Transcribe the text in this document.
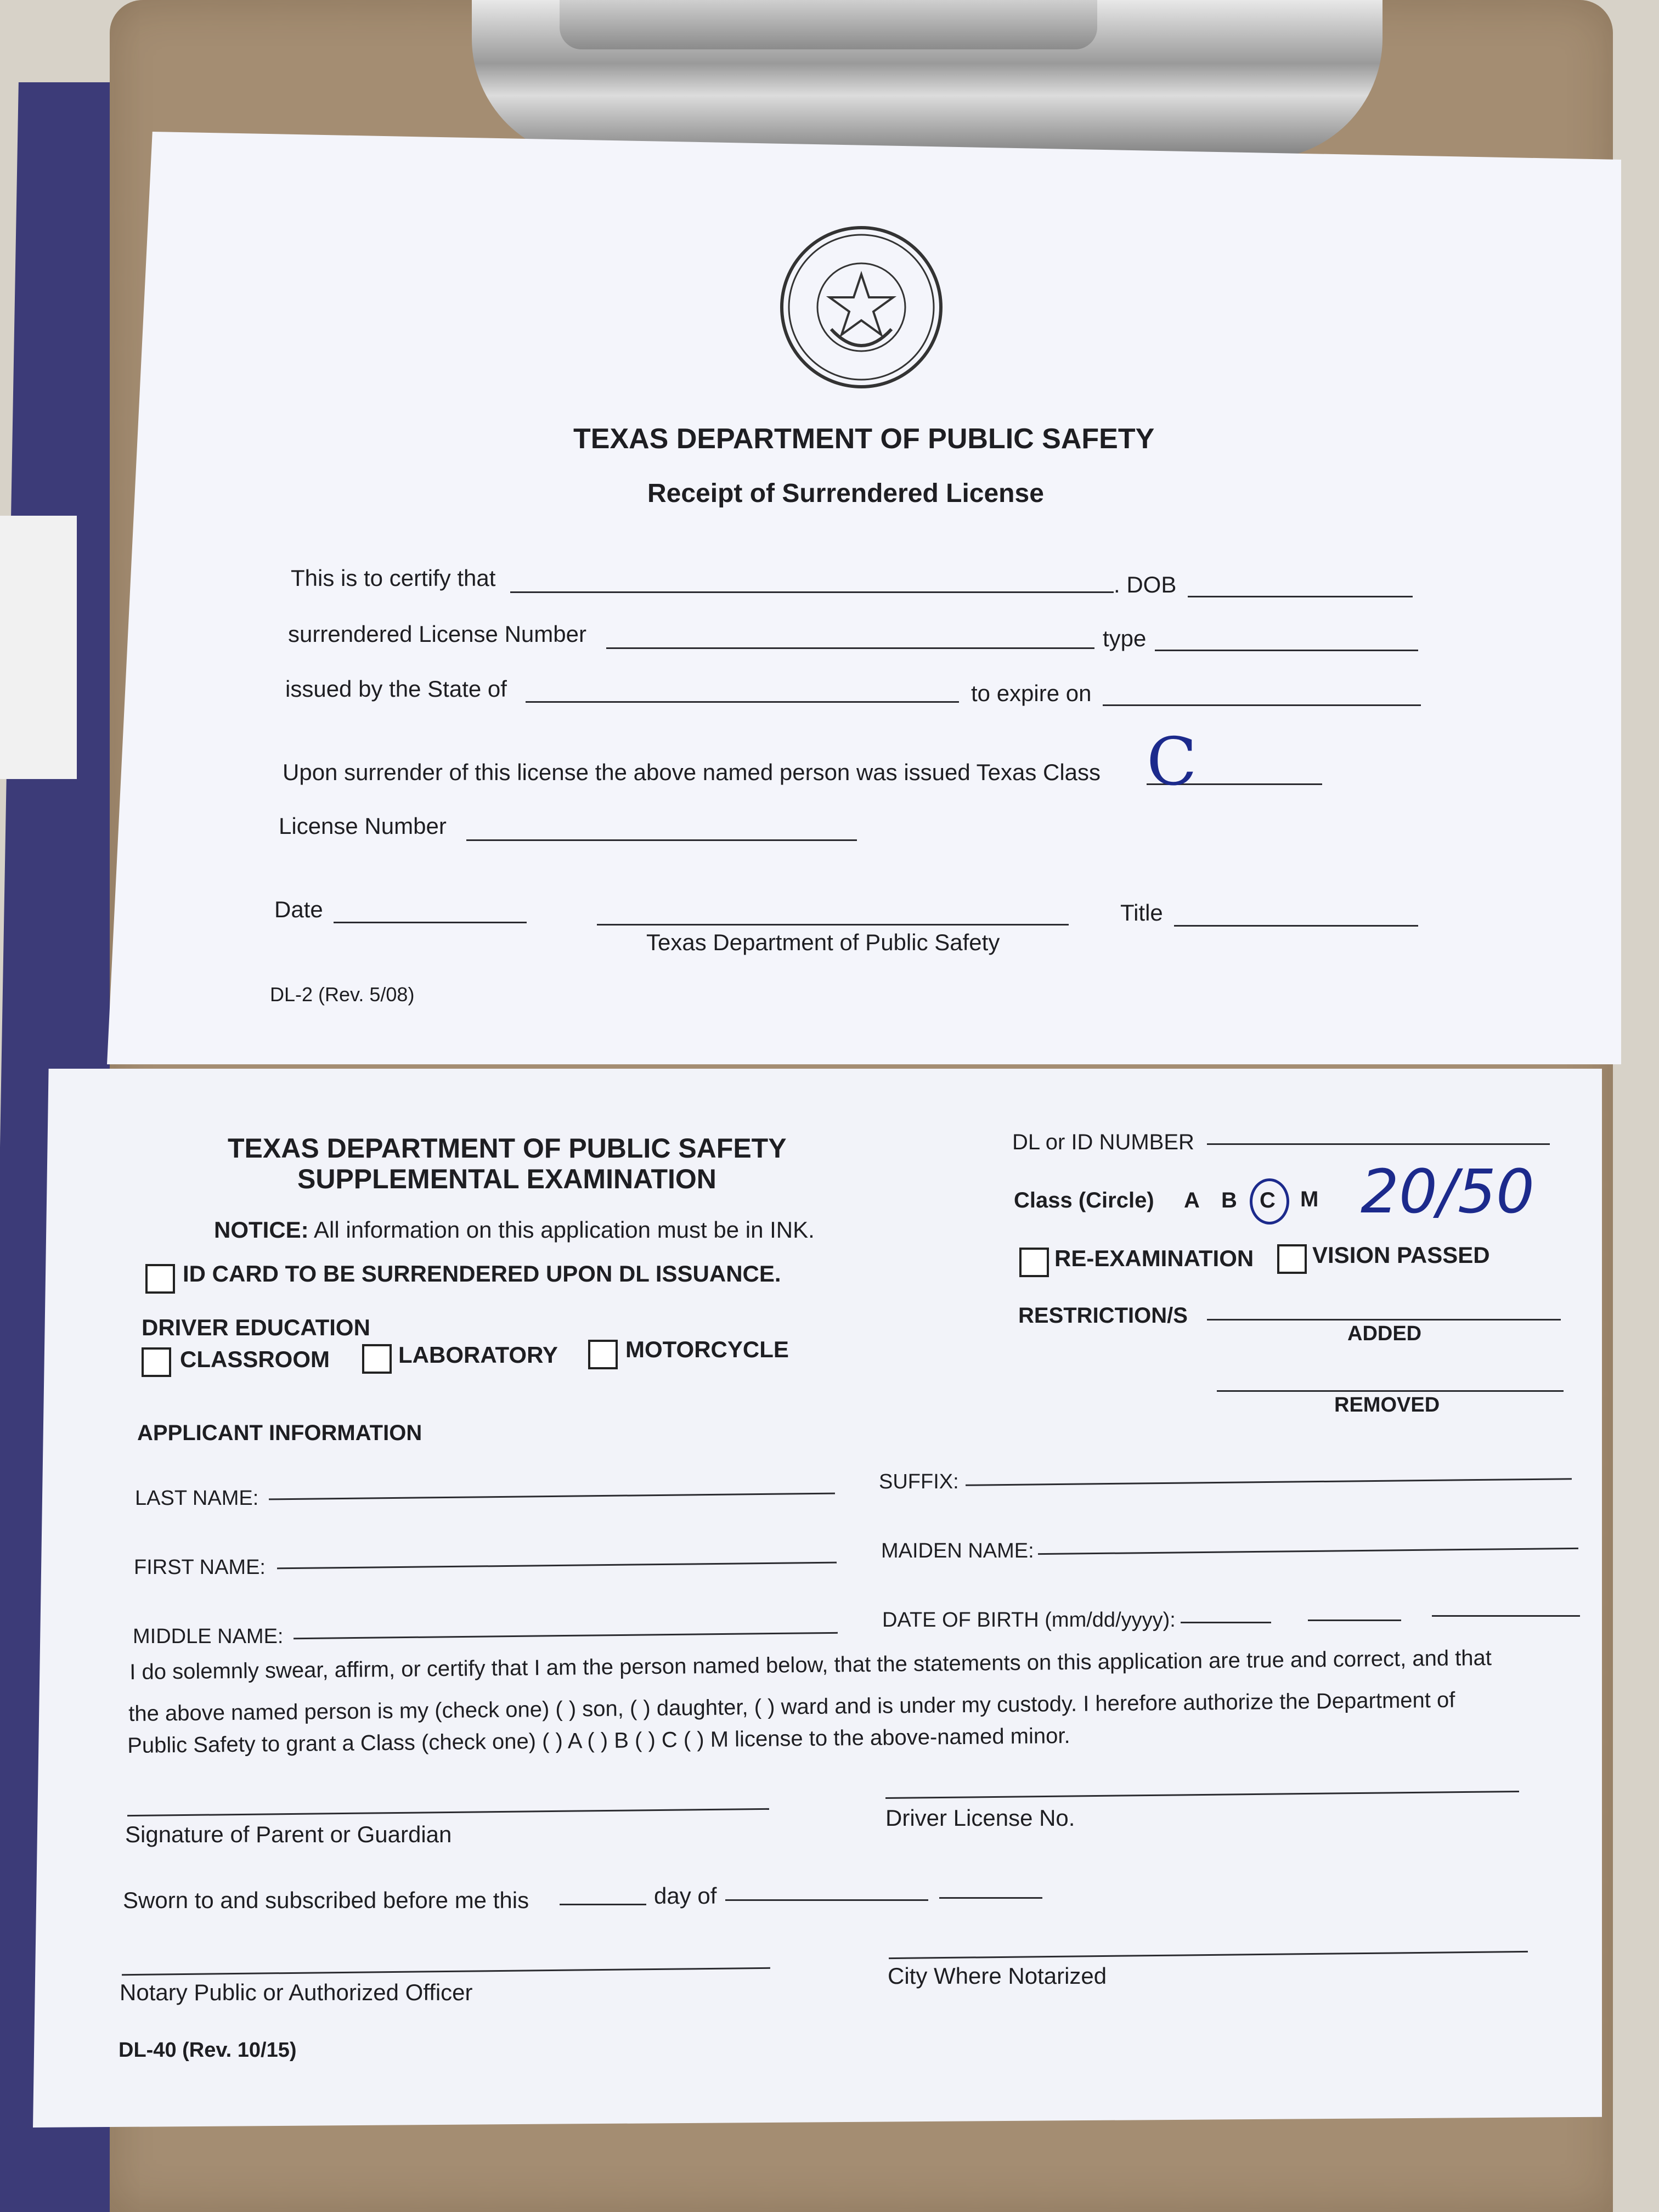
TEXAS DEPARTMENT OF PUBLIC SAFETY
Receipt of Surrendered License
This is to certify that	. DOB
surrendered License Number	type
issued by the State of	to expire on
Upon surrender of this license the above named person was issued Texas Class C
License Number
Date
Texas Department of Public Safety
Title
DL-2 (Rev. 5/08)
TEXAS DEPARTMENT OF PUBLIC SAFETY
SUPPLEMENTAL EXAMINATION
NOTICE: All information on this application must be in INK.
ID CARD TO BE SURRENDERED UPON DL ISSUANCE.
DRIVER EDUCATION
CLASSROOM	LABORATORY	MOTORCYCLE
DL or ID NUMBER
Class (Circle) A B C M 20/50
RE-EXAMINATION	VISION PASSED
RESTRICTION/S
ADDED
REMOVED
APPLICANT INFORMATION
LAST NAME:
SUFFIX:
FIRST NAME:
MAIDEN NAME:
MIDDLE NAME:
DATE OF BIRTH (mm/dd/yyyy):
I do solemnly swear, affirm, or certify that I am the person named below, that the statements on this application are true and correct, and that
the above named person is my (check one) ( ) son, ( ) daughter, ( ) ward and is under my custody. I herefore authorize the Department of
Public Safety to grant a Class (check one) ( ) A ( ) B ( ) C ( ) M license to the above-named minor.
Signature of Parent or Guardian
Driver License No.
Sworn to and subscribed before me this	day of
Notary Public or Authorized Officer
City Where Notarized
DL-40 (Rev. 10/15)
